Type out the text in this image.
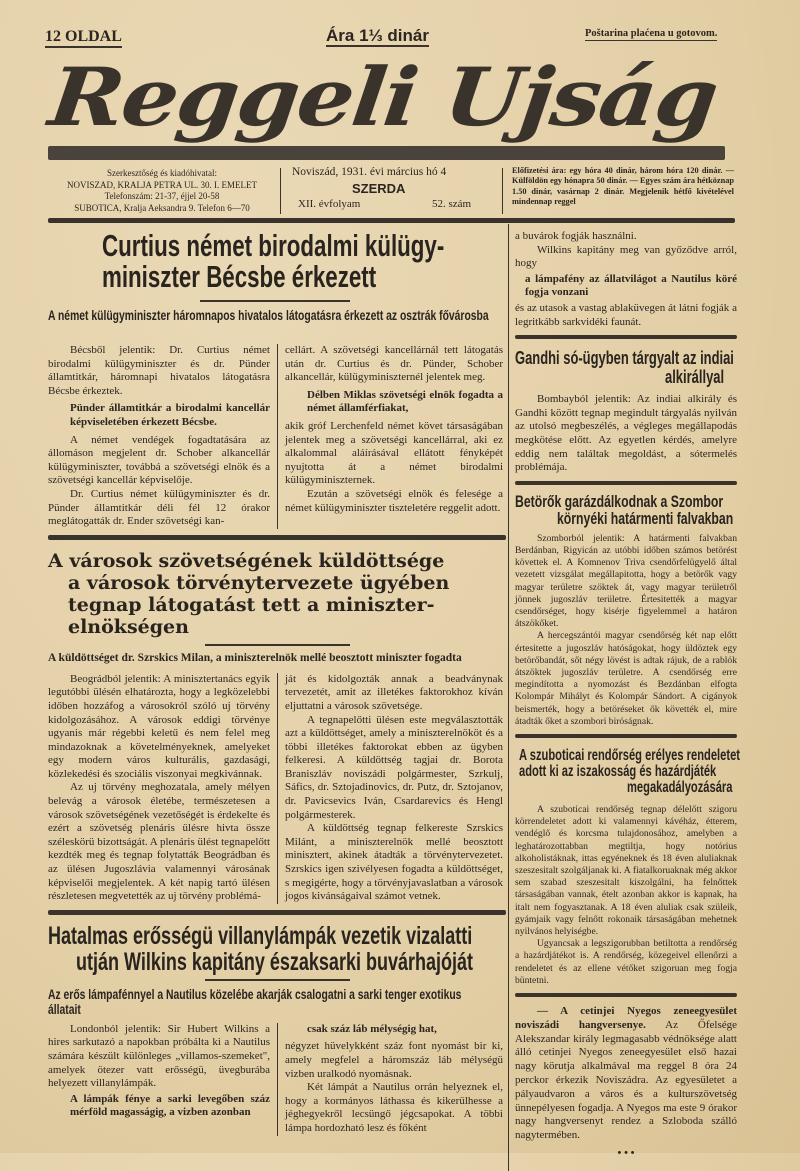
12 OLDAL	Ára 1⅓ dinár	Poštarina plaćena u gotovom.
Reggeli Ujság
Szerkesztőség és kiadóhivatal:
NOVISZAD, KRALJA PETRA UL. 30. I. EMELET
Telefonszám: 21-37, éjjel 20-58
SUBOTICA, Kralja Aeksandra 9. Telefon 6—70
Noviszád, 1931. évi március hó 4
SZERDA
XII. évfolyam	52. szám
Előfizetési ára: egy hóra 40 dinár, három hóra 120 dinár. — Külföldön egy hónapra 50 dinár. — Egyes szám ára hétköznap 1.50 dinár, vasárnap 2 dinár. Megjelenik hétfő kivételével mindennap reggel
Curtius német birodalmi külügy-
miniszter Bécsbe érkezett
A német külügyminiszter háromnapos hivatalos látogatásra érkezett az osztrák fővárosba

Bécsből jelentik: Dr. Curtius német birodalmi külügyminiszter és dr. Pünder államtitkár, háromnapi hivatalos látogatásra Bécsbe érkeztek.

Pünder államtitkár a birodalmi kancellár képviseletében érkezett Bécsbe.

A német vendégek fogadtatására az állomáson megjelent dr. Schober alkancellár külügyminiszter, továbbá a szövetségi elnök és a szövetségi kancellár képviselője.

Dr. Curtius német külügyminiszter és dr. Pünder államtitkár déli fél 12 órakor meglátogatták dr. Ender szövetségi kan-

cellárt. A szövetségi kancellárnál tett látogatás után dr. Curtius és dr. Pünder, Schober alkancellár, külügyminiszternél jelentek meg.

Délben Miklas szövetségi elnök fogadta a német államférfiakat,

akik gróf Lerchenfeld német követ társaságában jelentek meg a szövetségi kancellárral, aki ez alkalommal aláírásával ellátott fényképét nyujtotta át a német birodalmi külügyminiszternek.

Ezután a szövetségi elnök és felesége a német külügyminiszter tiszteletére reggelit adott.

A városok szövetségének küldöttsége
a városok törvénytervezete ügyében
tegnap látogatást tett a miniszter-
elnökségen
A küldöttséget dr. Szrskics Milan, a miniszterelnök mellé beosztott miniszter fogadta

Beográdból jelentik: A minisztertanács egyik legutóbbi ülésén elhatározta, hogy a legközelebbi időben hozzáfog a városokról szóló uj törvény kidolgozásához. A városok eddigi törvénye ugyanis már régebbi keletű és nem felel meg mindazoknak a követelményeknek, amelyeket egy modern város kulturális, gazdasági, közlekedési és szociális viszonyai megkivánnak.

Az uj törvény meghozatala, amely mélyen belevág a városok életébe, természetesen a városok szövetségének vezetőségét is érdekelte és ezért a szövetség plenáris ülésre hivta össze széleskörü bizottságát. A plenáris ülést tegnapelőtt kezdték meg és tegnap folytatták Beográdban és az ülésen Jugoszlávia valamennyi városának képviselői megjelentek. A két napig tartó ülésen részletesen megvetették az uj törvény problémá-

ját és kidolgozták annak a beadványnak tervezetét, amit az illetékes faktorokhoz kíván eljuttatni a városok szövetsége.

A tegnapelőtti ülésen este megválasztották azt a küldöttséget, amely a miniszterelnököt és a többi illetékes faktorokat ebben az ügyben felkeresi. A küldöttség tagjai dr. Borota Braniszláv noviszádi polgármester, Szrkulj, Sáfics, dr. Sztojadinovics, dr. Putz, dr. Sztojanov, dr. Pavicsevics Iván, Csardarevics és Hengl polgármesterek.

A küldöttség tegnap felkereste Szrskics Milánt, a miniszterelnök mellé beosztott minisztert, akinek átadták a törvénytervezetet. Szrskics igen szivélyesen fogadta a küldöttséget, s megigérte, hogy a törvényjavaslatban a városok jogos kivánságaival számot vetnek.

Hatalmas erősségü villanylámpák vezetik vizalatti
utján Wilkins kapitány északsarki buvárhajóját
Az erős lámpafénnyel a Nautilus közelébe akarják csalogatni a sarki tenger exotikus állatait

Londonból jelentik: Sir Hubert Wilkins a hires sarkutazó a napokban próbálta ki a Nautilus számára készült különleges „villamos-szemeket", amelyek ötezer vatt erősségü, üvegburába helyezett villanylámpák.

A lámpák fénye a sarki levegőben száz mérföld magasságig, a vizben azonban

csak száz láb mélységig hat,

négyzet hüvelykként száz font nyomást bir ki, amely megfelel a háromszáz láb mélységü vizben uralkodó nyomásnak.

Két lámpát a Nautilus orrán helyeznek el, hogy a kormányos láthassa és kikerülhesse a jéghegyekről lecsüngő jégcsapokat. A többi lámpa hordozható lesz és főként

a buvárok fogják használni.

Wilkins kapitány meg van győződve arról, hogy

a lámpafény az állatvilágot a Nautilus köré fogja vonzani

és az utasok a vastag ablaküvegen át látni fogják a legritkább sarkvidéki faunát.

Gandhi só-ügyben tárgyalt az indiai
alkirállyal

Bombayból jelentik: Az indiai alkirály és Gandhi között tegnap megindult tárgyalás nyilván az utolsó megbeszélés, a végleges megállapodás megkötése előtt. Az egyetlen kérdés, amelyre eddig nem találtak megoldást, a sótermelés problémája.

Betörők garázdálkodnak a Szombor
környéki határmenti falvakban

Szomborból jelentik: A határmenti falvakban Berdánban, Rigyicán az utóbbi időben számos betörést követtek el. A Komnenov Triva csendőrfelügyelő által vezetett vizsgálat megállapitotta, hogy a betörők vagy magyar területre szöktek át, vagy magyar területről jönnek jugoszláv területre. Értesitették a magyar csendőrséget, hogy kisérje figyelemmel a határon átszökőket.

A hercegszántói magyar csendőrség két nap előtt értesitette a jugoszláv hatóságokat, hogy üldöztek egy betörőbandát, sőt négy lövést is adtak rájuk, de a rablók átszöktek jugoszláv területre. A csendőrség erre megindította a nyomozást és Bezdánban elfogta Kolompár Mihályt és Kolompár Sándort. A cigányok beismerték, hogy a betöréseket ők követték el, mire átadták őket a szombori biróságnak.

A szuboticai rendőrség erélyes rendeletet
adott ki az iszakosság és hazárdjáték
megakadályozására

A szuboticai rendőrség tegnap délelőtt szigoru körrendeletet adott ki valamennyi kávéház, étterem, vendéglő és korcsma tulajdonosához, amelyben a leghatározottabban megtiltja, hogy notórius alkoholistáknak, ittas egyéneknek és 18 éven aluliaknak szeszesitalt szolgáljanak ki. A fiatalkoruaknak még akkor sem szabad szeszesitalt kiszolgálni, ha felnőttek társaságában vannak, ételt azonban akkor is kapnak, ha italt nem fogyasztanak. A 18 éven aluliak csak szüleik, gyámjaik vagy felnőtt rokonaik társaságában mehetnek nyilvános helyiségbe.

Ugyancsak a legszigorubban betiltotta a rendőrség a hazárdjátékot is. A rendőrség, közegeivel ellenőrzi a rendeletet és az ellene vétőket szigoruan meg fogja büntetni.

— A cetinjei Nyegos zeneegyesület noviszádi hangversenye. Az Őfelsége Alekszandar király legmagasabb védnöksége alatt álló cetinjei Nyegos zeneegyesület első hazai nagy körutja alkalmával ma reggel 8 óra 24 perckor érkezik Noviszádra. Az egyesületet a pályaudvaron a város és a kulturszövetség ünnepélyesen fogadja. A Nyegos ma este 9 órakor nagy hangversenyt rendez a Szloboda szálló nagytermében.

• • •
